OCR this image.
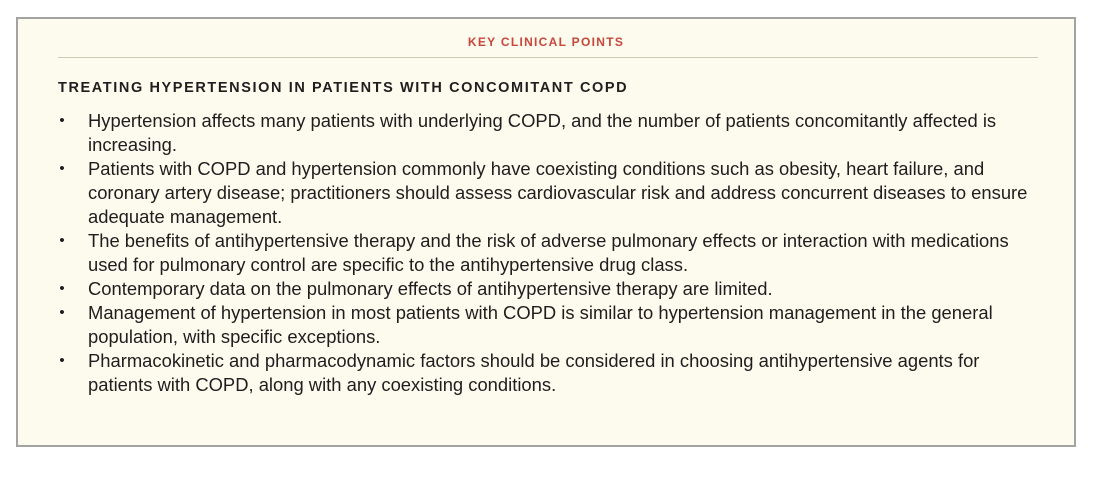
KEY CLINICAL POINTS
TREATING HYPERTENSION IN PATIENTS WITH CONCOMITANT COPD
• Hypertension affects many patients with underlying COPD, and the number of patients concomitantly affected is increasing.
• Patients with COPD and hypertension commonly have coexisting conditions such as obesity, heart failure, and coronary artery disease; practitioners should assess cardiovascular risk and address concurrent diseases to ensure adequate management.
• The benefits of antihypertensive therapy and the risk of adverse pulmonary effects or interaction with medications used for pulmonary control are specific to the antihypertensive drug class.
• Contemporary data on the pulmonary effects of antihypertensive therapy are limited.
• Management of hypertension in most patients with COPD is similar to hypertension management in the general population, with specific exceptions.
• Pharmacokinetic and pharmacodynamic factors should be considered in choosing antihypertensive agents for patients with COPD, along with any coexisting conditions.
